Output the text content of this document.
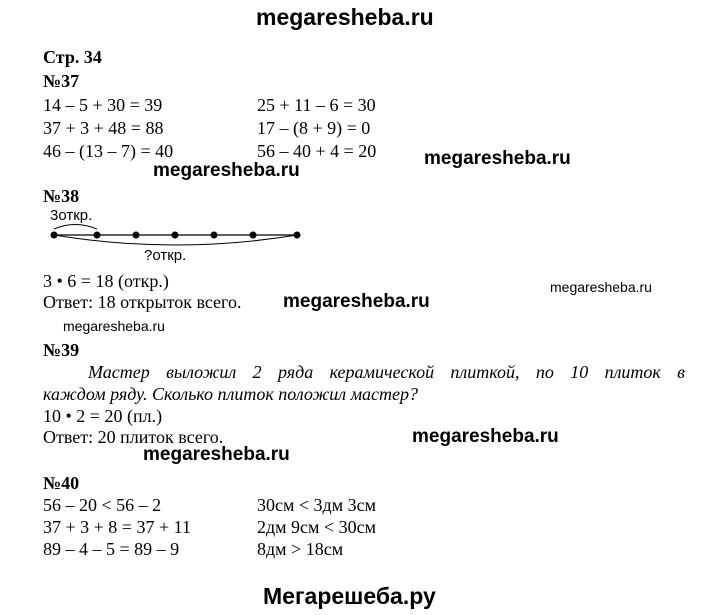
megaresheba.ru
megaresheba.ru
megaresheba.ru
megaresheba.ru
megaresheba.ru
megaresheba.ru
megaresheba.ru
megaresheba.ru
Мегарешеба.ру
Стр. 34
№37
14 – 5 + 30 = 39
37 + 3 + 48 = 88
46 – (13 – 7) = 40
25 + 11 – 6 = 30
17 – (8 + 9) = 0
56 – 40 + 4 = 20
№38
3откр.
?откр.
3 • 6 = 18 (откр.)
Ответ: 18 открыток всего.
№39
Мастер выложил 2 ряда керамической плиткой, по 10 плиток в
каждом ряду. Сколько плиток положил мастер?
10 • 2 = 20 (пл.)
Ответ: 20 плиток всего.
№40
56 – 20 < 56 – 2
37 + 3 + 8 = 37 + 11
89 – 4 – 5 = 89 – 9
30см < 3дм 3см
2дм 9см < 30см
8дм > 18см
